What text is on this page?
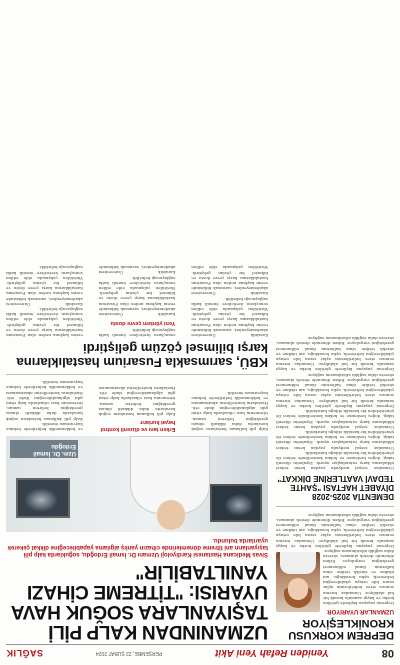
08
Yeniden Refah Yeni Akit
PERŞEMBE, 22 ŞUBAT 2024
SAĞLIK
DEPREM KORKUSU KRONİKLEŞİYOR
UZMANLAR UYARIYOR

Depremi yaşayan kişilerde görülen korku ve kaygı zamanla kronik bir hal alabiliyor. Uzmanlar, travma sonrası stres belirtilerinin aylar sonra bile ortaya çıkabileceğini belirterek, uyku bozukluğu, ani irkilme ve sürekli tetikte olma hallerinin ihmal edilmemesi gerektiğini vurguluyor. Erken dönemde destek alınması, sürecin daha sağlıklı atlatılmasını sağlıyor.

Depremi yaşayan kişilerde görülen korku ve kaygı zamanla kronik bir hal alabiliyor. Uzmanlar, travma sonrası stres belirtilerinin aylar sonra bile ortaya çıkabileceğini belirterek, uyku bozukluğu, ani irkilme ve sürekli tetikte olma hallerinin ihmal edilmemesi gerektiğini vurguluyor. Erken dönemde destek alınması, sürecin daha sağlıklı atlatılmasını sağlıyor.

DEMENTİA 2025-2028 DİYABET HAFTASI "ŞAHTE TEDAVİ VAATLERİNE DİKKAT"

Uzmanlar, sosyal medyada yayılan kesin tedavi iddialarına karşı vatandaşları uyardı. Diyabetin düzenli takip, doğru beslenme ve hekim kontrolünde tedavi ile yönetilebilen bir hastalık olduğu hatırlatıldı.

Uzmanlar, sosyal medyada yayılan kesin tedavi iddialarına karşı vatandaşları uyardı. Diyabetin düzenli takip, doğru beslenme ve hekim kontrolünde tedavi ile yönetilebilen bir hastalık olduğu hatırlatıldı.

Uzmanlar, sosyal medyada yayılan kesin tedavi iddialarına karşı vatandaşları uyardı. Diyabetin düzenli takip, doğru beslenme ve hekim kontrolünde tedavi ile yönetilebilen bir hastalık olduğu hatırlatıldı.

Depremi yaşayan kişilerde görülen korku ve kaygı zamanla kronik bir hal alabiliyor. Uzmanlar, travma sonrası stres belirtilerinin aylar sonra bile ortaya çıkabileceğini belirterek, uyku bozukluğu, ani irkilme ve sürekli tetikte olma hallerinin ihmal edilmemesi gerektiğini vurguluyor. Erken dönemde destek alınması, sürecin daha sağlıklı atlatılmasını sağlıyor.

Depremi yaşayan kişilerde görülen korku ve kaygı zamanla kronik bir hal alabiliyor. Uzmanlar, travma sonrası stres belirtilerinin aylar sonra bile ortaya çıkabileceğini belirterek, uyku bozukluğu, ani irkilme ve sürekli tetikte olma hallerinin ihmal edilmemesi gerektiğini vurguluyor. Erken dönemde destek alınması, sürecin daha sağlıklı atlatılmasını sağlıyor.

UZMANINDAN KALP PİLİ TAŞIYANLARA SOĞUK HAVA UYARISI: "TİTREME CİHAZI YANILTABİLİR"
Sivas Medicana Hastanesi Kardiyoloji Uzmanı Dr. İsmail Erdoğdu, soğuklarda kalp pili taşıyanların ani titreme dönemlerinde cihazın yanlış algılama yapabileceğine dikkat çekerek uyarılarda bulundu.
Uzm. Dr. İsmail Erdoğdu

Kalp pili kullanan hastaların soğuk havalarda daha dikkatli olması gerektiğini belirten uzman, titremenin bazı cihazlarda kalp ritmi gibi algılanabileceğini ifade etti. Hastaların kontrollerini aksatmaması ve beklenmedik belirtilerde hekime başvurması önerildi.

Erken tanı ve düzenli kontrol hayat kurtarır

Kalp pili kullanan hastaların soğuk havalarda daha dikkatli olması gerektiğini belirten uzman, titremenin bazı cihazlarda kalp ritmi gibi algılanabileceğini ifade etti. Hastaların kontrollerini aksatmaması ve beklenmedik belirtilerde hekime başvurması önerildi.

Kalp pili kullanan hastaların soğuk havalarda daha dikkatli olması gerektiğini belirten uzman, titremenin bazı cihazlarda kalp ritmi gibi algılanabileceğini ifade etti. Hastaların kontrollerini aksatmaması ve beklenmedik belirtilerde hekime başvurması önerildi.

KBÜ, sarımsakla Fusarium hastalıklarına karşı bilimsel çözüm geliştirdi

Karabük Üniversitesi akademisyenleri, sarımsak bitkisinde verim kaybına neden olan Fusarium hastalıklarına karşı çevre dostu ve bilimsel bir çözüm geliştirdi. Yürütülen çalışmada elde edilen sonuçların üreticilere önemli katkı sağlayacağı belirtildi.

Karabük Üniversitesi akademisyenleri, sarımsak bitkisinde verim kaybına neden olan Fusarium hastalıklarına karşı çevre dostu ve bilimsel bir çözüm geliştirdi. Yürütülen çalışmada elde edilen sonuçların üreticilere önemli katkı sağlayacağı belirtildi.

Yeni yöntem çevre dostu

Karabük Üniversitesi akademisyenleri, sarımsak bitkisinde verim kaybına neden olan Fusarium hastalıklarına karşı çevre dostu ve bilimsel bir çözüm geliştirdi. Yürütülen çalışmada elde edilen sonuçların üreticilere önemli katkı sağlayacağı belirtildi.

Karabük Üniversitesi akademisyenleri, sarımsak bitkisinde verim kaybına neden olan Fusarium hastalıklarına karşı çevre dostu ve bilimsel bir çözüm geliştirdi. Yürütülen çalışmada elde edilen sonuçların üreticilere önemli katkı sağlayacağı belirtildi.

Karabük Üniversitesi akademisyenleri, sarımsak bitkisinde verim kaybına neden olan Fusarium hastalıklarına karşı çevre dostu ve bilimsel bir çözüm geliştirdi. Yürütülen çalışmada elde edilen sonuçların üreticilere önemli katkı sağlayacağı belirtildi.
